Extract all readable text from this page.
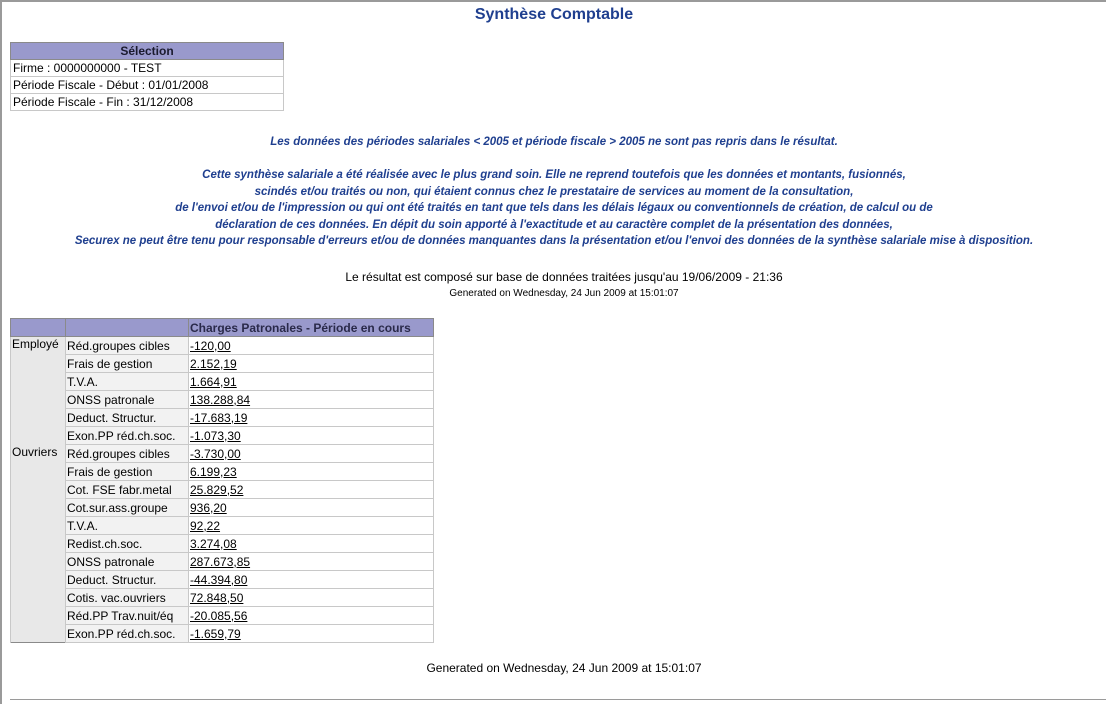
Synthèse Comptable
Sélection
Firme : 0000000000 - TEST
Période Fiscale - Début : 01/01/2008
Période Fiscale - Fin : 31/12/2008
Les données des périodes salariales < 2005 et période fiscale > 2005 ne sont pas repris dans le résultat.
Cette synthèse salariale a été réalisée avec le plus grand soin. Elle ne reprend toutefois que les données et montants, fusionnés,
scindés et/ou traités ou non, qui étaient connus chez le prestataire de services au moment de la consultation,
de l'envoi et/ou de l'impression ou qui ont été traités en tant que tels dans les délais légaux ou conventionnels de création, de calcul ou de
déclaration de ces données. En dépit du soin apporté à l'exactitude et au caractère complet de la présentation des données,
Securex ne peut être tenu pour responsable d'erreurs et/ou de données manquantes dans la présentation et/ou l'envoi des données de la synthèse salariale mise à disposition.
Le résultat est composé sur base de données traitées jusqu'au 19/06/2009 - 21:36
Generated on Wednesday, 24 Jun 2009 at 15:01:07
		Charges Patronales - Période en cours
Employé	Réd.groupes cibles	-120,00
	Frais de gestion	2.152,19
	T.V.A.	1.664,91
	ONSS patronale	138.288,84
	Deduct. Structur.	-17.683,19
	Exon.PP réd.ch.soc.	-1.073,30
Ouvriers	Réd.groupes cibles	-3.730,00
	Frais de gestion	6.199,23
	Cot. FSE fabr.metal	25.829,52
	Cot.sur.ass.groupe	936,20
	T.V.A.	92,22
	Redist.ch.soc.	3.274,08
	ONSS patronale	287.673,85
	Deduct. Structur.	-44.394,80
	Cotis. vac.ouvriers	72.848,50
	Réd.PP Trav.nuit/éq	-20.085,56
	Exon.PP réd.ch.soc.	-1.659,79
Generated on Wednesday, 24 Jun 2009 at 15:01:07
